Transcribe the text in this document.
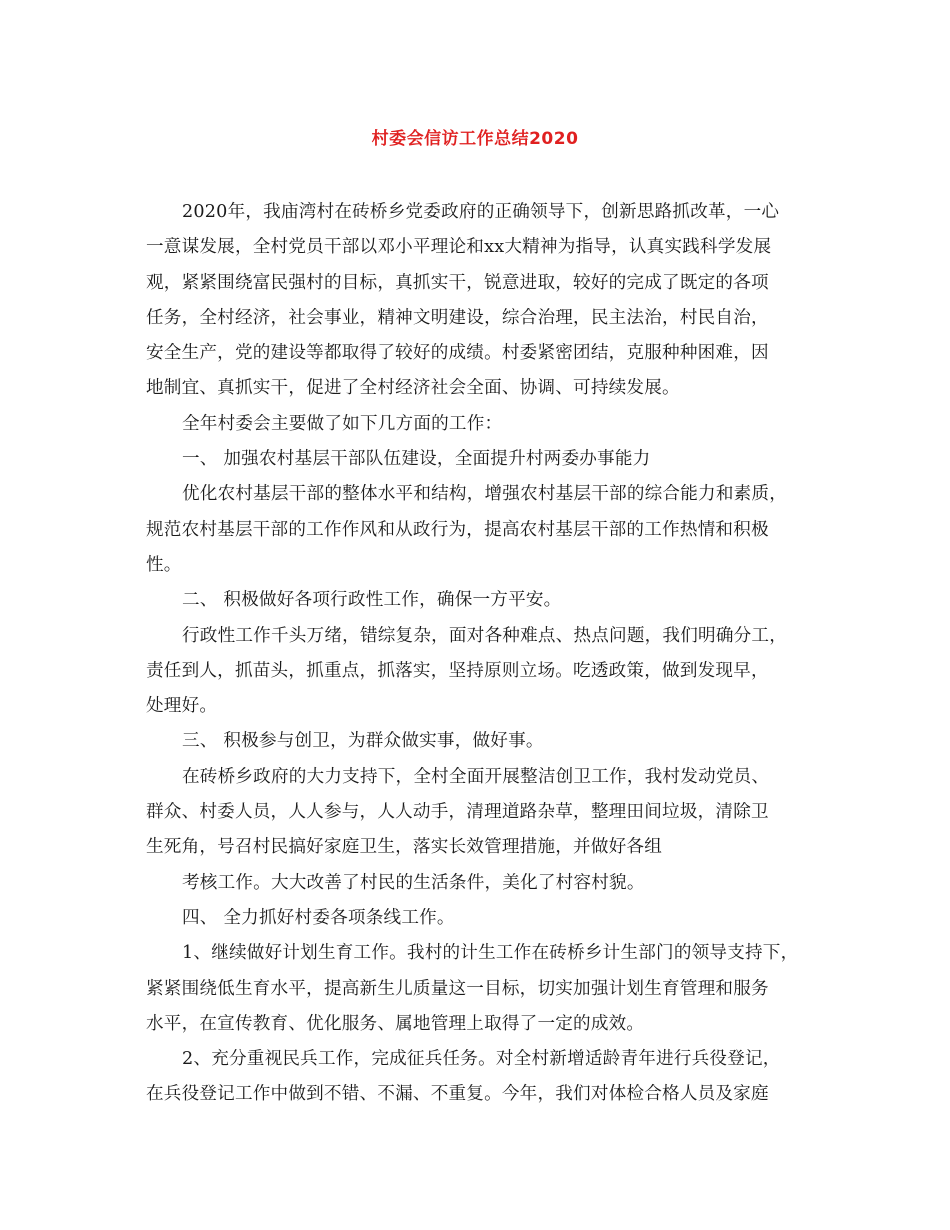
村委会信访工作总结2020
2020年，我庙湾村在砖桥乡党委政府的正确领导下，创新思路抓改革，一心
一意谋发展，全村党员干部以邓小平理论和xx大精神为指导，认真实践科学发展
观，紧紧围绕富民强村的目标，真抓实干，锐意进取，较好的完成了既定的各项
任务，全村经济，社会事业，精神文明建设，综合治理，民主法治，村民自治，
安全生产，党的建设等都取得了较好的成绩。村委紧密团结，克服种种困难，因
地制宜、真抓实干，促进了全村经济社会全面、协调、可持续发展。
全年村委会主要做了如下几方面的工作：
一、 加强农村基层干部队伍建设，全面提升村两委办事能力
优化农村基层干部的整体水平和结构，增强农村基层干部的综合能力和素质，
规范农村基层干部的工作作风和从政行为，提高农村基层干部的工作热情和积极
性。
二、 积极做好各项行政性工作，确保一方平安。
行政性工作千头万绪，错综复杂，面对各种难点、热点问题，我们明确分工，
责任到人，抓苗头，抓重点，抓落实，坚持原则立场。吃透政策，做到发现早，
处理好。
三、 积极参与创卫，为群众做实事，做好事。
在砖桥乡政府的大力支持下，全村全面开展整洁创卫工作，我村发动党员、
群众、村委人员，人人参与，人人动手，清理道路杂草，整理田间垃圾，清除卫
生死角，号召村民搞好家庭卫生，落实长效管理措施，并做好各组
考核工作。大大改善了村民的生活条件，美化了村容村貌。
四、 全力抓好村委各项条线工作。
1、继续做好计划生育工作。我村的计生工作在砖桥乡计生部门的领导支持下，
紧紧围绕低生育水平，提高新生儿质量这一目标，切实加强计划生育管理和服务
水平，在宣传教育、优化服务、属地管理上取得了一定的成效。
2、充分重视民兵工作，完成征兵任务。对全村新增适龄青年进行兵役登记，
在兵役登记工作中做到不错、不漏、不重复。今年，我们对体检合格人员及家庭
